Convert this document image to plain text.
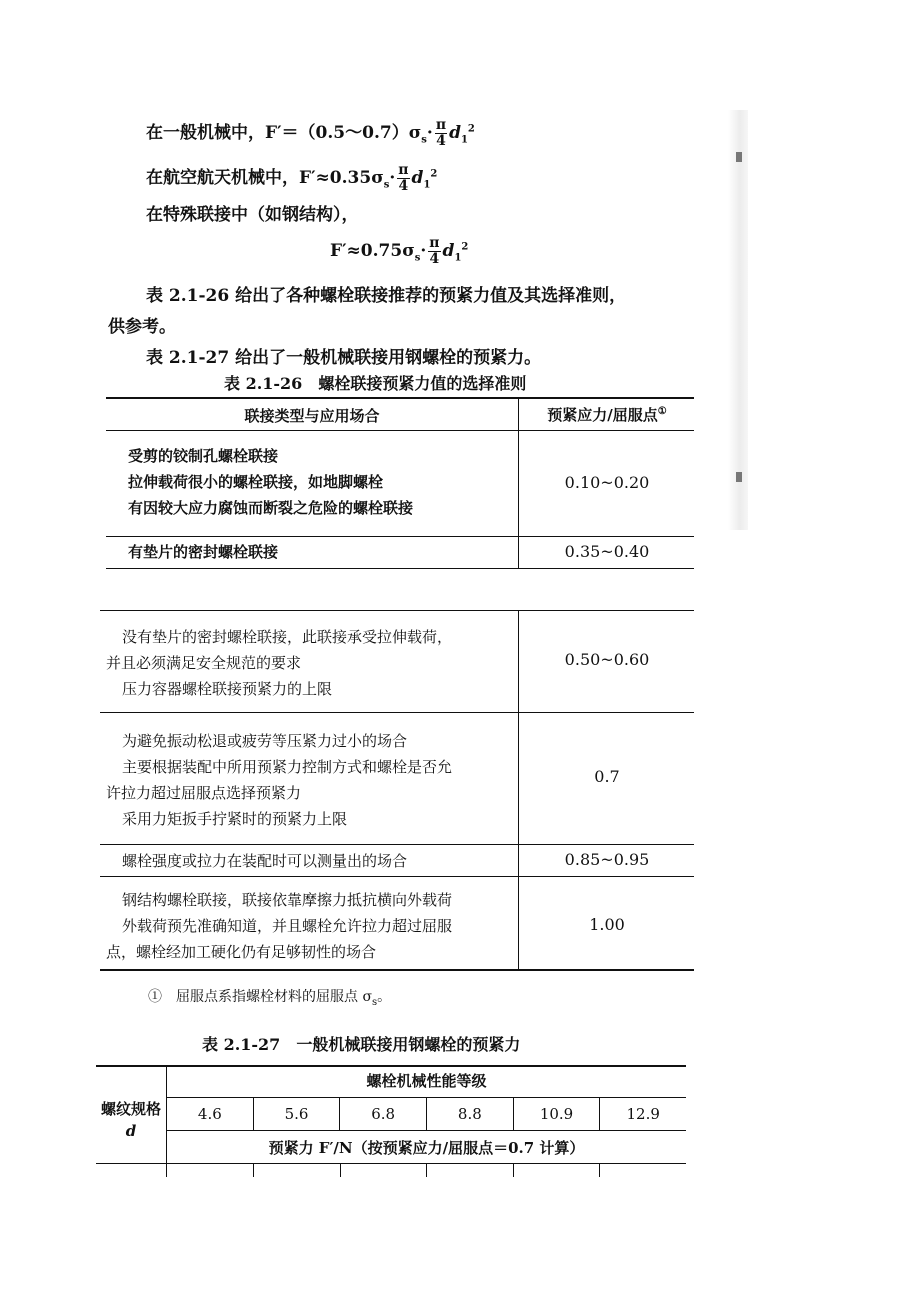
在一般机械中，$F'=(0.5\sim 0.7)\sigma_s\cdot \frac{\pi}{4} d_1^2$
在航空航天机械中，$F'\approx 0.35\sigma_s\cdot \frac{\pi}{4} d_1^2$
在特殊联接中（如钢结构），
$F'\approx 0.75\sigma_s\cdot \frac{\pi}{4} d_1^2$
表 2.1-26 给出了各种螺栓联接推荐的预紧力值及其选择准则，
供参考。
表 2.1-27 给出了一般机械联接用钢螺栓的预紧力。
表 2.1-26　螺栓联接预紧力值的选择准则
联接类型与应用场合	预紧应力/屈服点①
受剪的铰制孔螺栓联接
拉伸载荷很小的螺栓联接，如地脚螺栓
有因较大应力腐蚀而断裂之危险的螺栓联接
0.10~0.20
有垫片的密封螺栓联接	0.35~0.40
没有垫片的密封螺栓联接，此联接承受拉伸载荷，
并且必须满足安全规范的要求
压力容器螺栓联接预紧力的上限
0.50~0.60
为避免振动松退或疲劳等压紧力过小的场合
主要根据装配中所用预紧力控制方式和螺栓是否允
许拉力超过屈服点选择预紧力
采用力矩扳手拧紧时的预紧力上限
0.7
螺栓强度或拉力在装配时可以测量出的场合	0.85~0.95
钢结构螺栓联接，联接依靠摩擦力抵抗横向外载荷
外载荷预先准确知道，并且螺栓允许拉力超过屈服
点，螺栓经加工硬化仍有足够韧性的场合
1.00
①　 屈服点系指螺栓材料的屈服点 $\sigma_s$。
表 2.1-27　一般机械联接用钢螺栓的预紧力
螺纹规格
d
螺栓机械性能等级
4.6	5.6	6.8	8.8	10.9	12.9
预紧力 F′/N（按预紧应力/屈服点＝0.7 计算）
